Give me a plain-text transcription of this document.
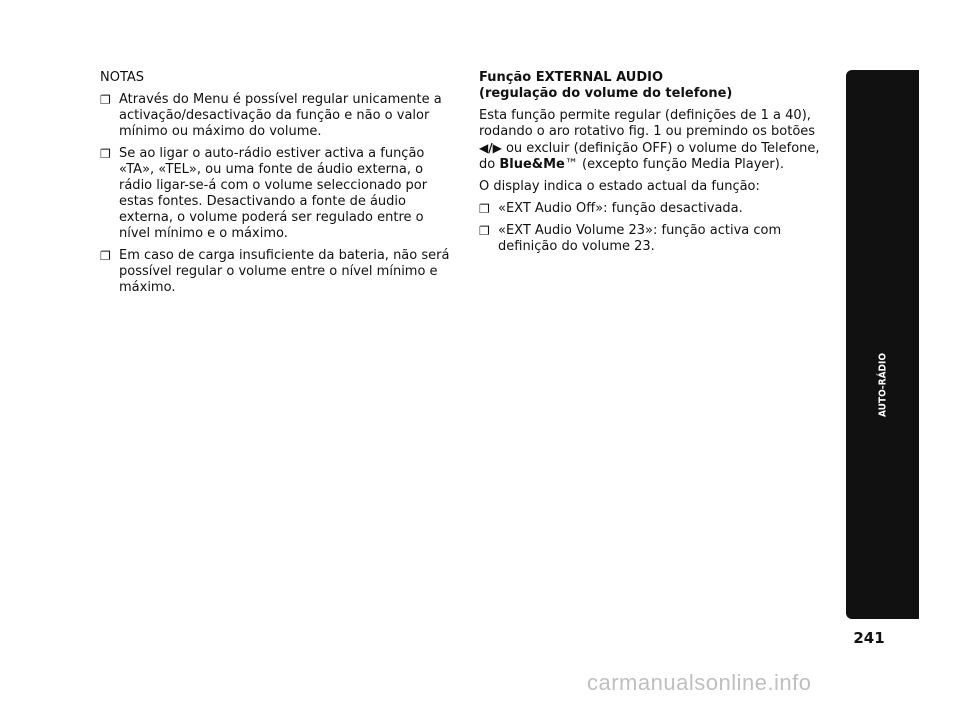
NOTAS

❐ Através do Menu é possível regular unicamente a activação/desactivação da função e não o valor mínimo ou máximo do volume.
❐ Se ao ligar o auto-rádio estiver activa a função «TA», «TEL», ou uma fonte de áudio externa, o rádio ligar-se-á com o volume seleccionado por estas fontes. Desactivando a fonte de áudio externa, o volume poderá ser regulado entre o nível mínimo e o máximo.
❐ Em caso de carga insuficiente da bateria, não será possível regular o volume entre o nível mínimo e máximo.
Função EXTERNAL AUDIO
(regulação do volume do telefone)

Esta função permite regular (definições de 1 a 40), rodando o aro rotativo fig. 1 ou premindo os botões
◀/▶ ou excluir (definição OFF) o volume do Telefone, do Blue&Me™ (excepto função Media Player).

O display indica o estado actual da função:

❐ «EXT Audio Off»: função desactivada.
❐ «EXT Audio Volume 23»: função activa com definição do volume 23.
AUTO-RÁDIO
241
carmanualsonline.info
